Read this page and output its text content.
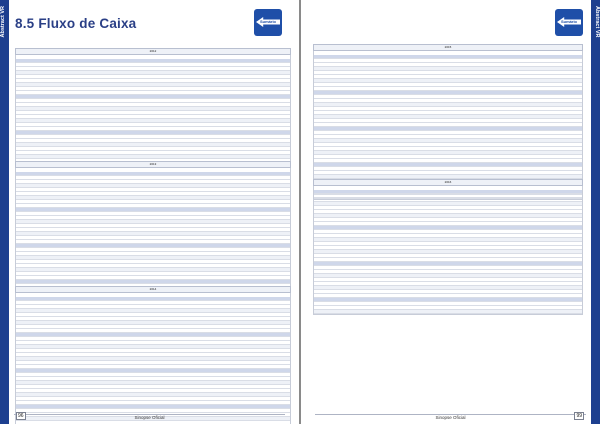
Abstract VR 8.5 Fluxo de Caixa	Sumário
2012
2013
2014
96	Sinopse Oficial
Abstract VR
Sumário
2015
2016
99
Sinopse Oficial
